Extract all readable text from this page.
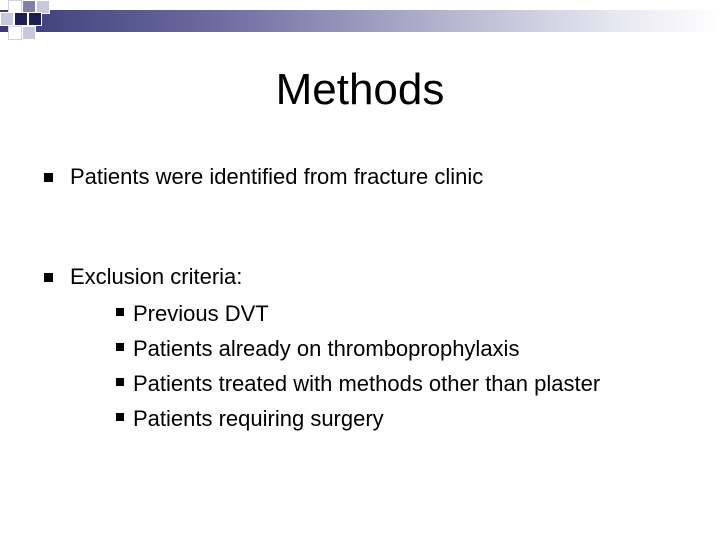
Methods
Patients were identified from fracture clinic
Exclusion criteria:
Previous DVT
Patients already on thromboprophylaxis
Patients treated with methods other than plaster
Patients requiring surgery
